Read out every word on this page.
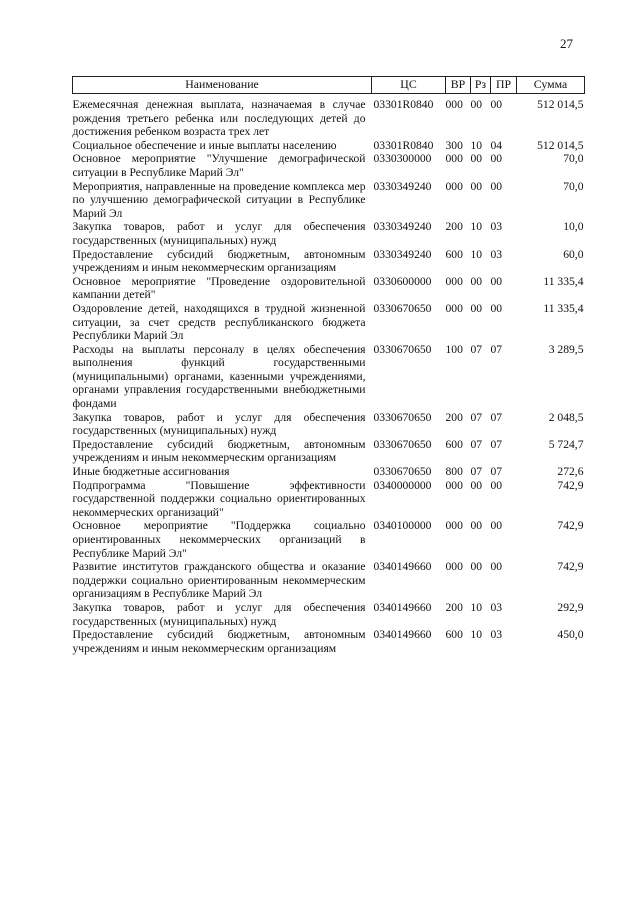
27
Наименование	ЦС	ВР	Рз	ПР	Сумма
Ежемесячная денежная выплата, назначаемая в случае рождения третьего ребенка или последующих детей до достижения ребенком возраста трех лет	03301R0840	000	00	00	512 014,5
Социальное обеспечение и иные выплаты населению	03301R0840	300	10	04	512 014,5
Основное мероприятие "Улучшение демографической ситуации в Республике Марий Эл"	0330300000	000	00	00	70,0
Мероприятия, направленные на проведение комплекса мер по улучшению демографической ситуации в Республике Марий Эл	0330349240	000	00	00	70,0
Закупка товаров, работ и услуг для обеспечения государственных (муниципальных) нужд	0330349240	200	10	03	10,0
Предоставление субсидий бюджетным, автономным учреждениям и иным некоммерческим организациям	0330349240	600	10	03	60,0
Основное мероприятие "Проведение оздоровительной кампании детей"	0330600000	000	00	00	11 335,4
Оздоровление детей, находящихся в трудной жизненной ситуации, за счет средств республиканского бюджета Республики Марий Эл	0330670650	000	00	00	11 335,4
Расходы на выплаты персоналу в целях обеспечения выполнения функций государственными (муниципальными) органами, казенными учреждениями, органами управления государственными внебюджетными фондами	0330670650	100	07	07	3 289,5
Закупка товаров, работ и услуг для обеспечения государственных (муниципальных) нужд	0330670650	200	07	07	2 048,5
Предоставление субсидий бюджетным, автономным учреждениям и иным некоммерческим организациям	0330670650	600	07	07	5 724,7
Иные бюджетные ассигнования	0330670650	800	07	07	272,6
Подпрограмма "Повышение эффективности государственной поддержки социально ориентированных некоммерческих организаций"	0340000000	000	00	00	742,9
Основное мероприятие "Поддержка социально ориентированных некоммерческих организаций в Республике Марий Эл"	0340100000	000	00	00	742,9
Развитие институтов гражданского общества и оказание поддержки социально ориентированным некоммерческим организациям в Республике Марий Эл	0340149660	000	00	00	742,9
Закупка товаров, работ и услуг для обеспечения государственных (муниципальных) нужд	0340149660	200	10	03	292,9
Предоставление субсидий бюджетным, автономным учреждениям и иным некоммерческим организациям	0340149660	600	10	03	450,0
